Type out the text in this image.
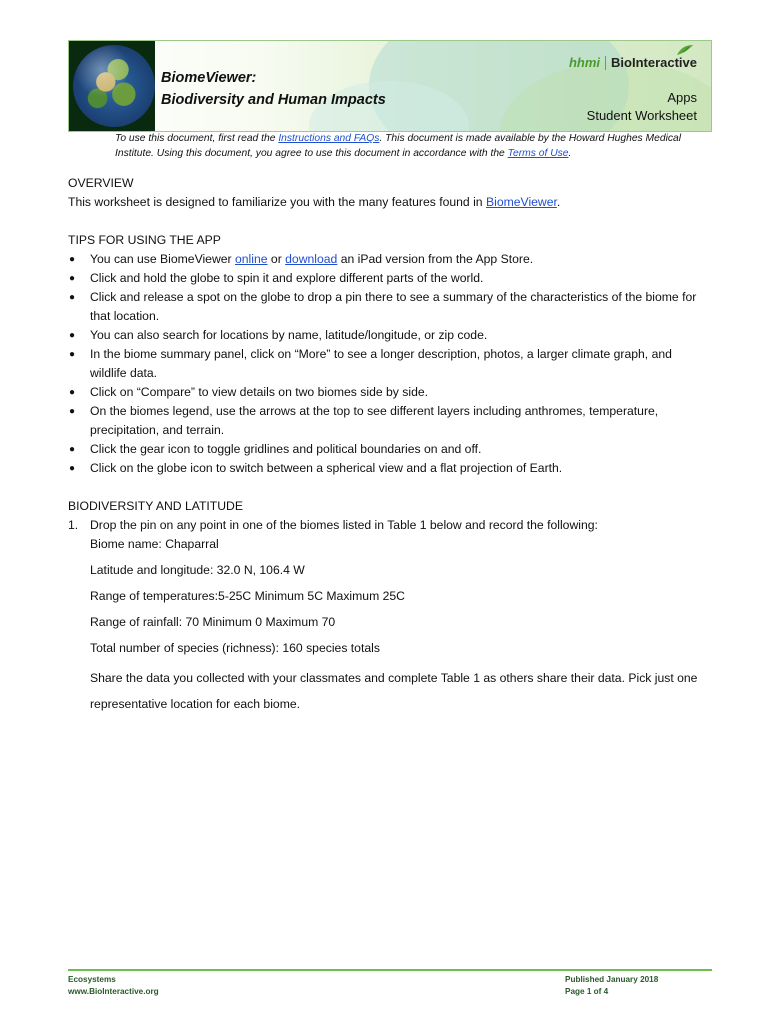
BiomeViewer:
Biodiversity and Human Impacts
hhmi BioInteractive
Apps
Student Worksheet
To use this document, first read the Instructions and FAQs. This document is made available by the Howard Hughes Medical Institute. Using this document, you agree to use this document in accordance with the Terms of Use.
OVERVIEW
This worksheet is designed to familiarize you with the many features found in BiomeViewer.
TIPS FOR USING THE APP
● You can use BiomeViewer online or download an iPad version from the App Store.
● Click and hold the globe to spin it and explore different parts of the world.
● Click and release a spot on the globe to drop a pin there to see a summary of the characteristics of the biome for that location.
● You can also search for locations by name, latitude/longitude, or zip code.
● In the biome summary panel, click on “More” to see a longer description, photos, a larger climate graph, and wildlife data.
● Click on “Compare” to view details on two biomes side by side.
● On the biomes legend, use the arrows at the top to see different layers including anthromes, temperature, precipitation, and terrain.
● Click the gear icon to toggle gridlines and political boundaries on and off.
● Click on the globe icon to switch between a spherical view and a flat projection of Earth.
BIODIVERSITY AND LATITUDE
1. Drop the pin on any point in one of the biomes listed in Table 1 below and record the following:
Biome name: Chaparral
Latitude and longitude: 32.0 N, 106.4 W
Range of temperatures:5-25C Minimum 5C Maximum 25C
Range of rainfall: 70 Minimum 0 Maximum 70
Total number of species (richness): 160 species totals
Share the data you collected with your classmates and complete Table 1 as others share their data. Pick just one representative location for each biome.
Ecosystems
www.BioInteractive.org
Published January 2018
Page 1 of 4
